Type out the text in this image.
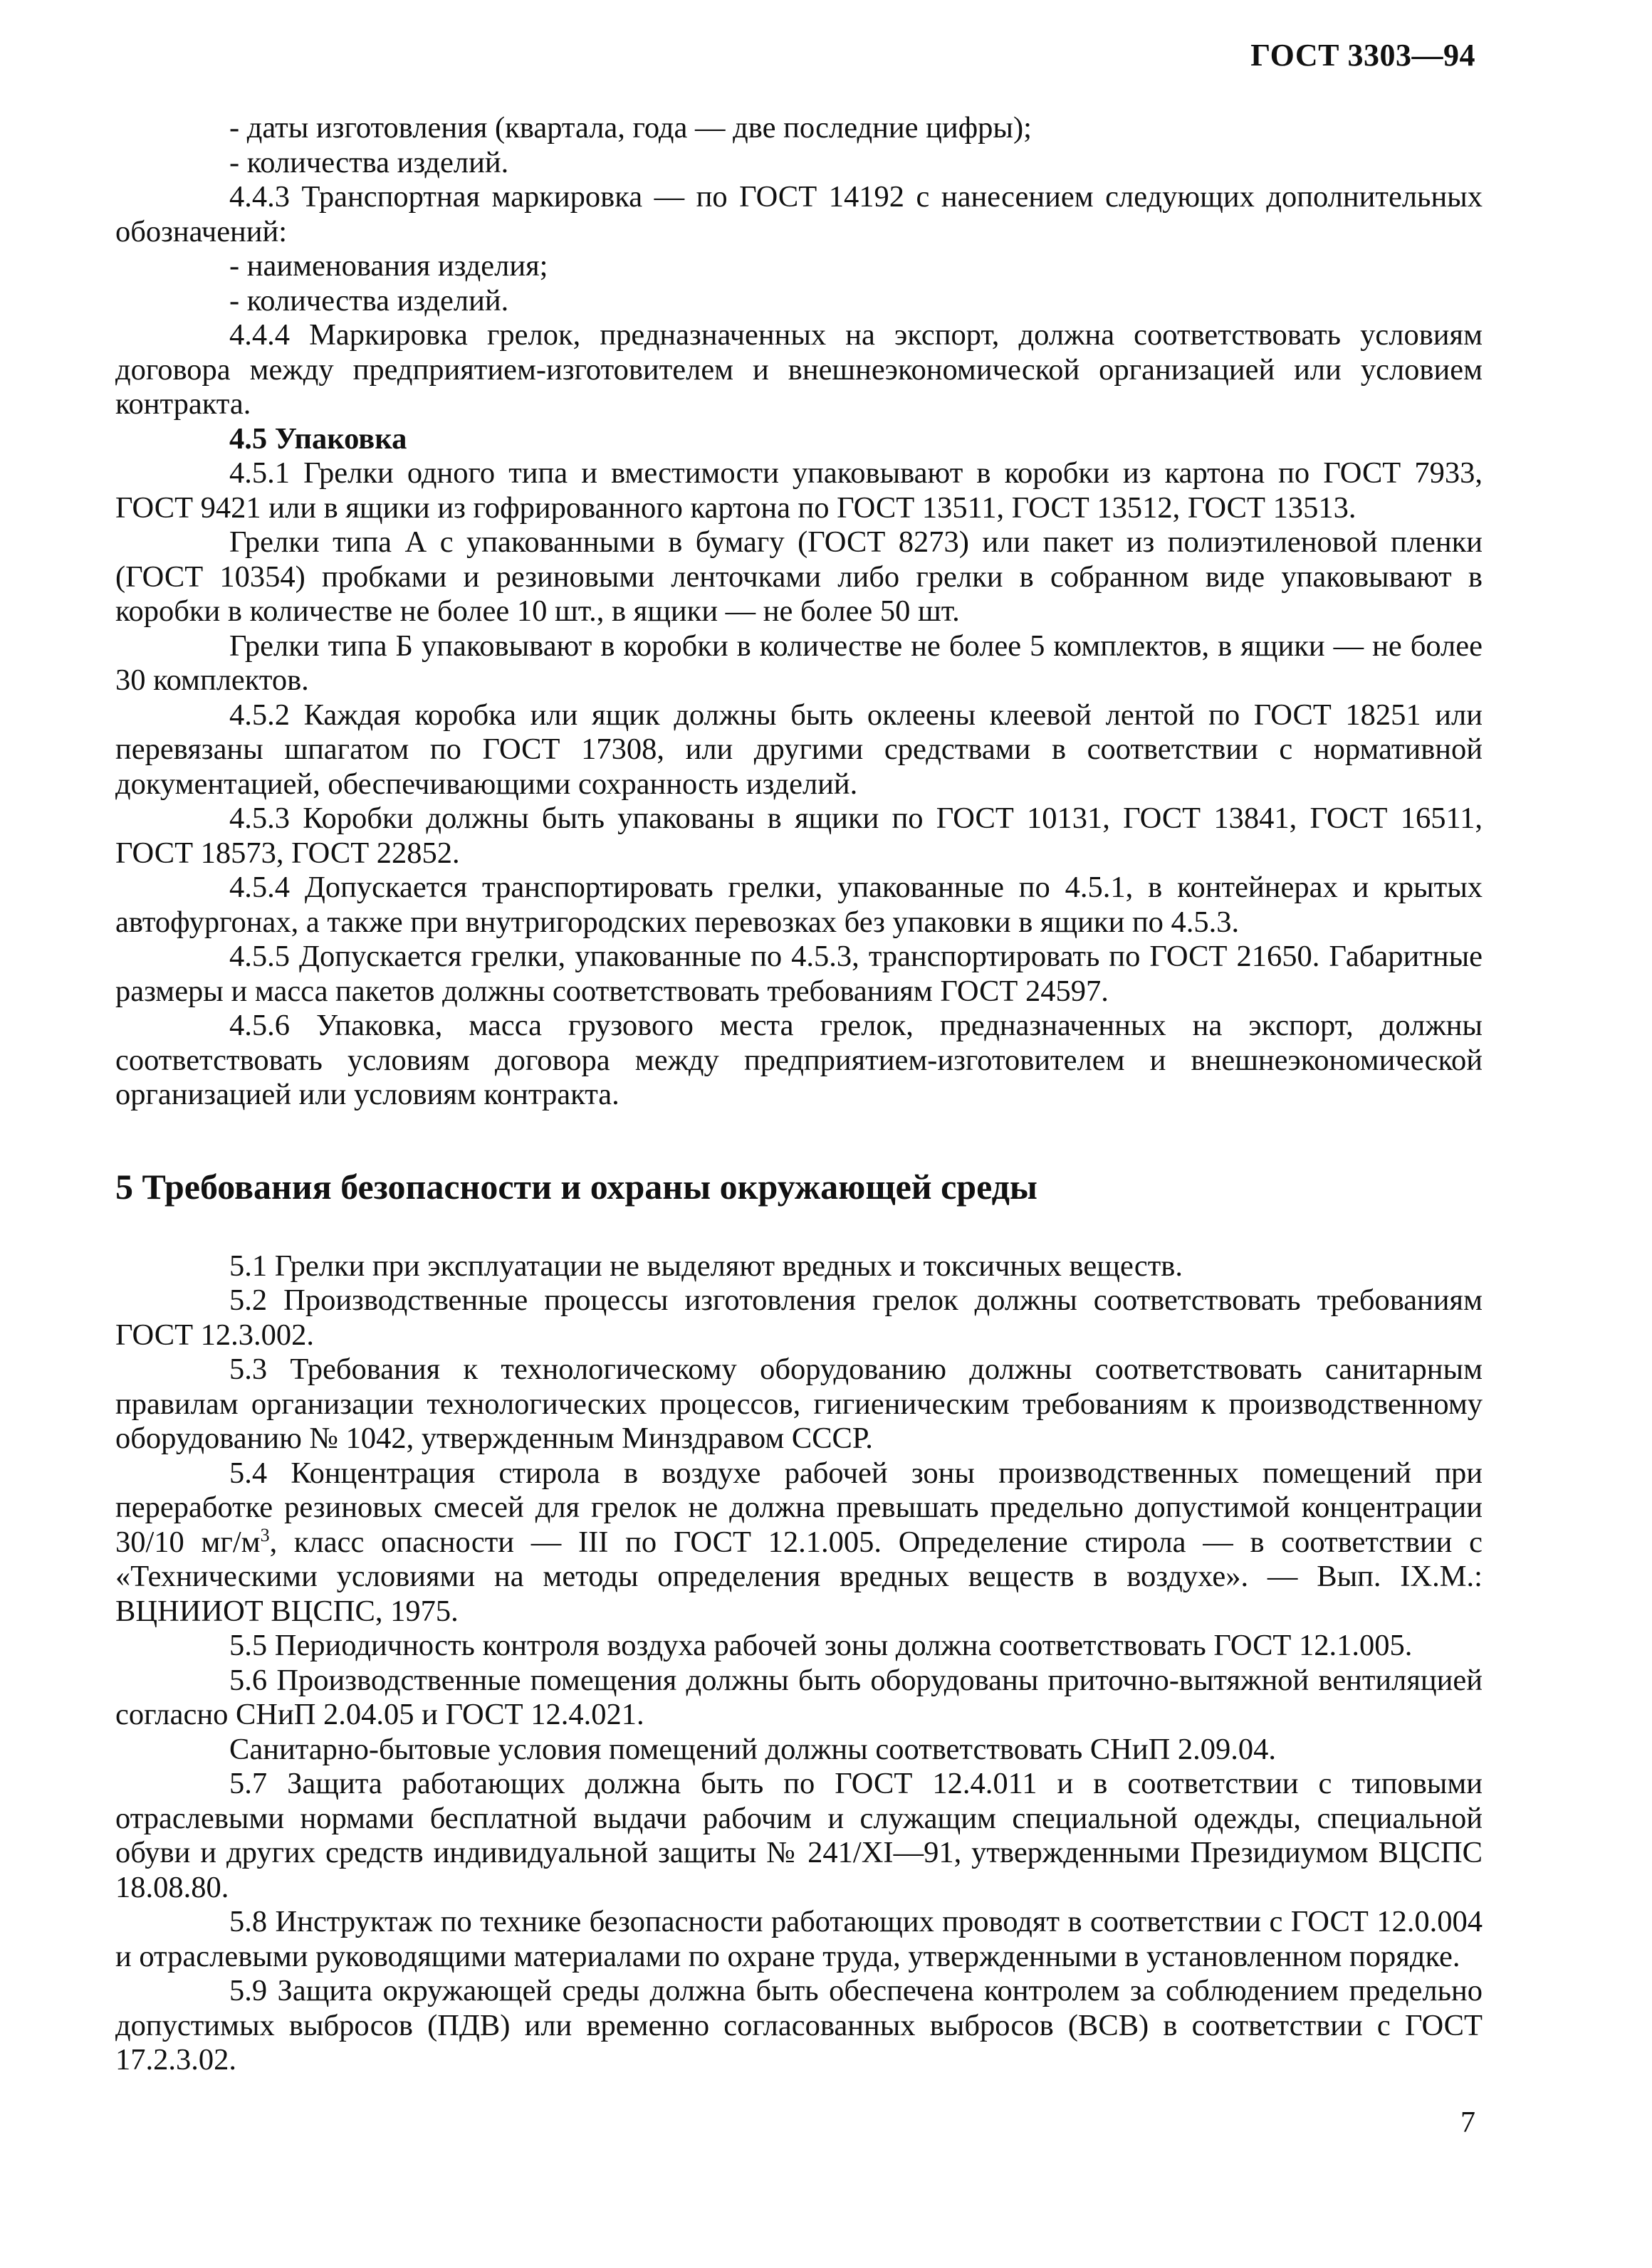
ГОСТ 3303—94

- даты изготовления (квартала, года — две последние цифры);

- количества изделий.

4.4.3 Транспортная маркировка — по ГОСТ 14192 с нанесением следующих дополнительных обозначений:

- наименования изделия;

- количества изделий.

4.4.4 Маркировка грелок, предназначенных на экспорт, должна соответствовать условиям договора между предприятием-изготовителем и внешнеэкономической организацией или условием контракта.

4.5 Упаковка

4.5.1 Грелки одного типа и вместимости упаковывают в коробки из картона по ГОСТ 7933, ГОСТ 9421 или в ящики из гофрированного картона по ГОСТ 13511, ГОСТ 13512, ГОСТ 13513.

Грелки типа А с упакованными в бумагу (ГОСТ 8273) или пакет из полиэтиленовой пленки (ГОСТ 10354) пробками и резиновыми ленточками либо грелки в собранном виде упаковывают в коробки в количестве не более 10 шт., в ящики — не более 50 шт.

Грелки типа Б упаковывают в коробки в количестве не более 5 комплектов, в ящики — не более 30 комплектов.

4.5.2 Каждая коробка или ящик должны быть оклеены клеевой лентой по ГОСТ 18251 или перевязаны шпагатом по ГОСТ 17308, или другими средствами в соответствии с нормативной документацией, обеспечивающими сохранность изделий.

4.5.3 Коробки должны быть упакованы в ящики по ГОСТ 10131, ГОСТ 13841, ГОСТ 16511, ГОСТ 18573, ГОСТ 22852.

4.5.4 Допускается транспортировать грелки, упакованные по 4.5.1, в контейнерах и крытых автофургонах, а также при внутригородских перевозках без упаковки в ящики по 4.5.3.

4.5.5 Допускается грелки, упакованные по 4.5.3, транспортировать по ГОСТ 21650. Габаритные размеры и масса пакетов должны соответствовать требованиям ГОСТ 24597.

4.5.6 Упаковка, масса грузового места грелок, предназначенных на экспорт, должны соответствовать условиям договора между предприятием-изготовителем и внешнеэкономической организацией или условиям контракта.

5 Требования безопасности и охраны окружающей среды

5.1 Грелки при эксплуатации не выделяют вредных и токсичных веществ.

5.2 Производственные процессы изготовления грелок должны соответствовать требованиям ГОСТ 12.3.002.

5.3 Требования к технологическому оборудованию должны соответствовать санитарным правилам организации технологических процессов, гигиеническим требованиям к производственному оборудованию № 1042, утвержденным Минздравом СССР.

5.4 Концентрация стирола в воздухе рабочей зоны производственных помещений при переработке резиновых смесей для грелок не должна превышать предельно допустимой концентрации 30/10 $мг/м^3$, класс опасности — III по ГОСТ 12.1.005. Определение стирола — в соответствии с «Техническими условиями на методы определения вредных веществ в воздухе». — Вып. IX.М.: ВЦНИИОТ ВЦСПС, 1975.

5.5 Периодичность контроля воздуха рабочей зоны должна соответствовать ГОСТ 12.1.005.

5.6 Производственные помещения должны быть оборудованы приточно-вытяжной вентиляцией согласно СНиП 2.04.05 и ГОСТ 12.4.021.

Санитарно-бытовые условия помещений должны соответствовать СНиП 2.09.04.

5.7 Защита работающих должна быть по ГОСТ 12.4.011 и в соответствии с типовыми отраслевыми нормами бесплатной выдачи рабочим и служащим специальной одежды, специальной обуви и других средств индивидуальной защиты № 241/XI—91, утвержденными Президиумом ВЦСПС 18.08.80.

5.8 Инструктаж по технике безопасности работающих проводят в соответствии с ГОСТ 12.0.004 и отраслевыми руководящими материалами по охране труда, утвержденными в установленном порядке.

5.9 Защита окружающей среды должна быть обеспечена контролем за соблюдением предельно допустимых выбросов (ПДВ) или временно согласованных выбросов (ВСВ) в соответствии с ГОСТ 17.2.3.02.

7
